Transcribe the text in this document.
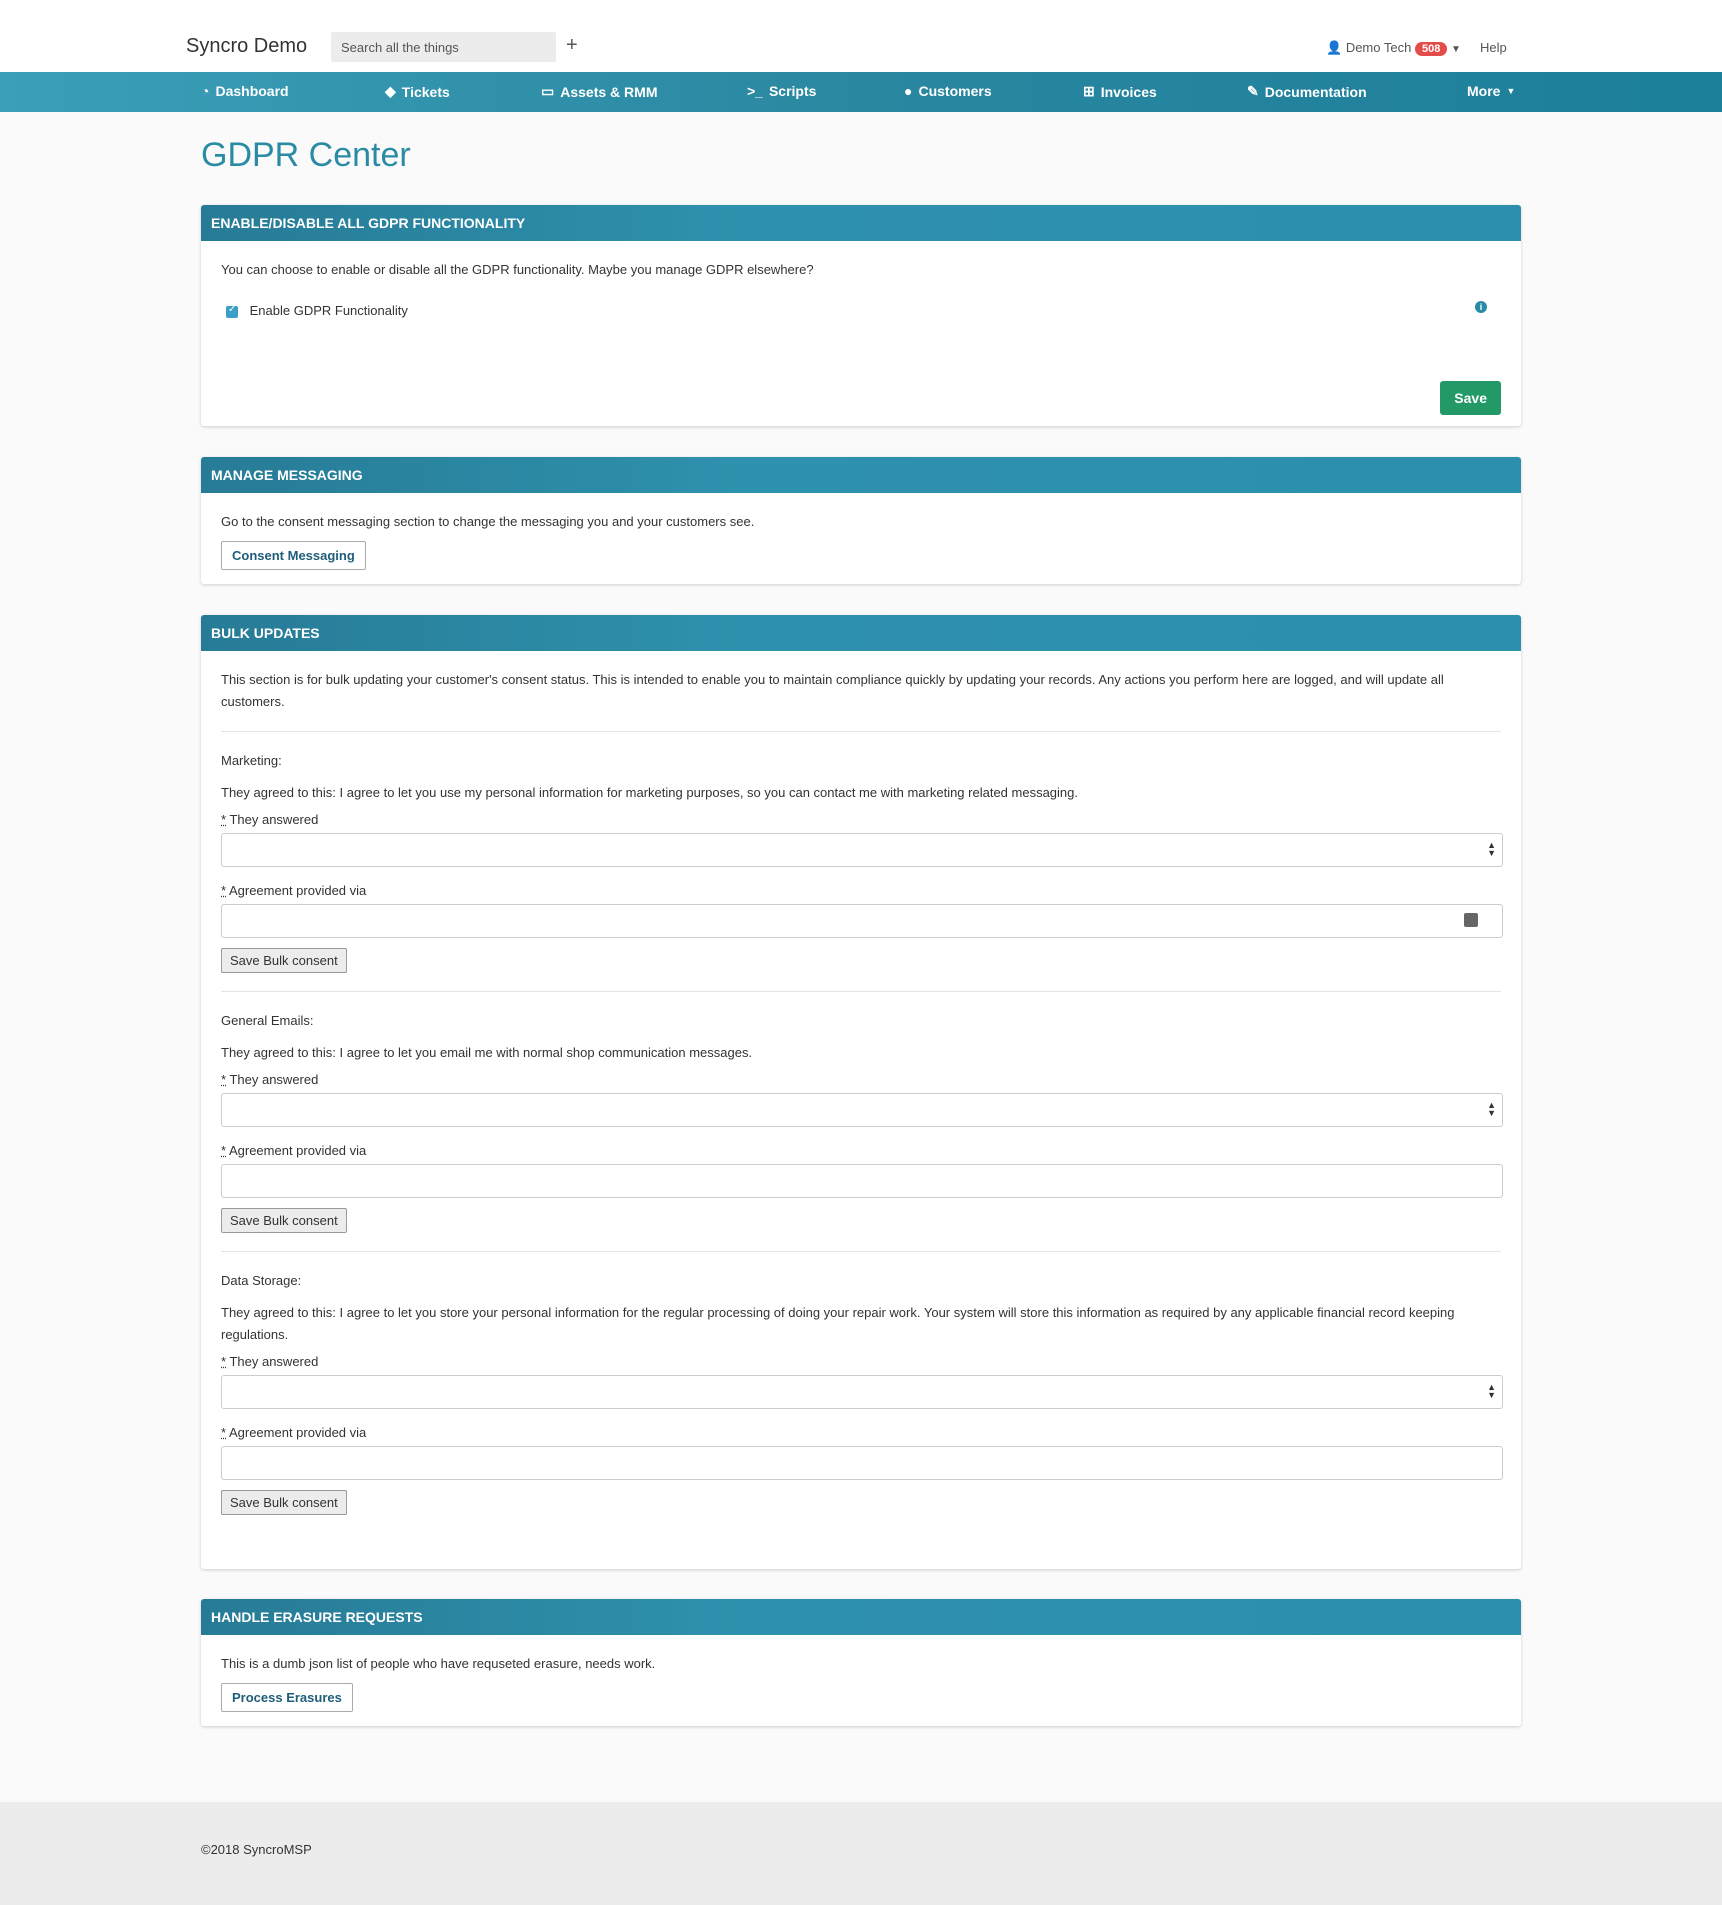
Syncro Demo
Search all the things	+	👤 Demo Tech 508 ▼ Help
◔ Dashboard	◆ Tickets	▭ Assets & RMM	>_ Scripts	● Customers	⊞ Invoices	✎ Documentation	More ▼
GDPR Center
ENABLE/DISABLE ALL GDPR FUNCTIONALITY

You can choose to enable or disable all the GDPR functionality. Maybe you manage GDPR elsewhere?

✓ Enable GDPR Functionality	i
Save
MANAGE MESSAGING

Go to the consent messaging section to change the messaging you and your customers see.

Consent Messaging
BULK UPDATES

This section is for bulk updating your customer's consent status. This is intended to enable you to maintain compliance quickly by updating your records. Any actions you perform here are logged, and will update all customers.

Marketing:

They agreed to this: I agree to let you use my personal information for marketing purposes, so you can contact me with marketing related messaging.

* They answered
▲
▼
* Agreement provided via
Save Bulk consent

General Emails:

They agreed to this: I agree to let you email me with normal shop communication messages.

* They answered
▲
▼
* Agreement provided via
Save Bulk consent

Data Storage:

They agreed to this: I agree to let you store your personal information for the regular processing of doing your repair work. Your system will store this information as required by any applicable financial record keeping regulations.

* They answered
▲
▼
* Agreement provided via
Save Bulk consent
HANDLE ERASURE REQUESTS

This is a dumb json list of people who have requseted erasure, needs work.

Process Erasures
©2018 SyncroMSP
